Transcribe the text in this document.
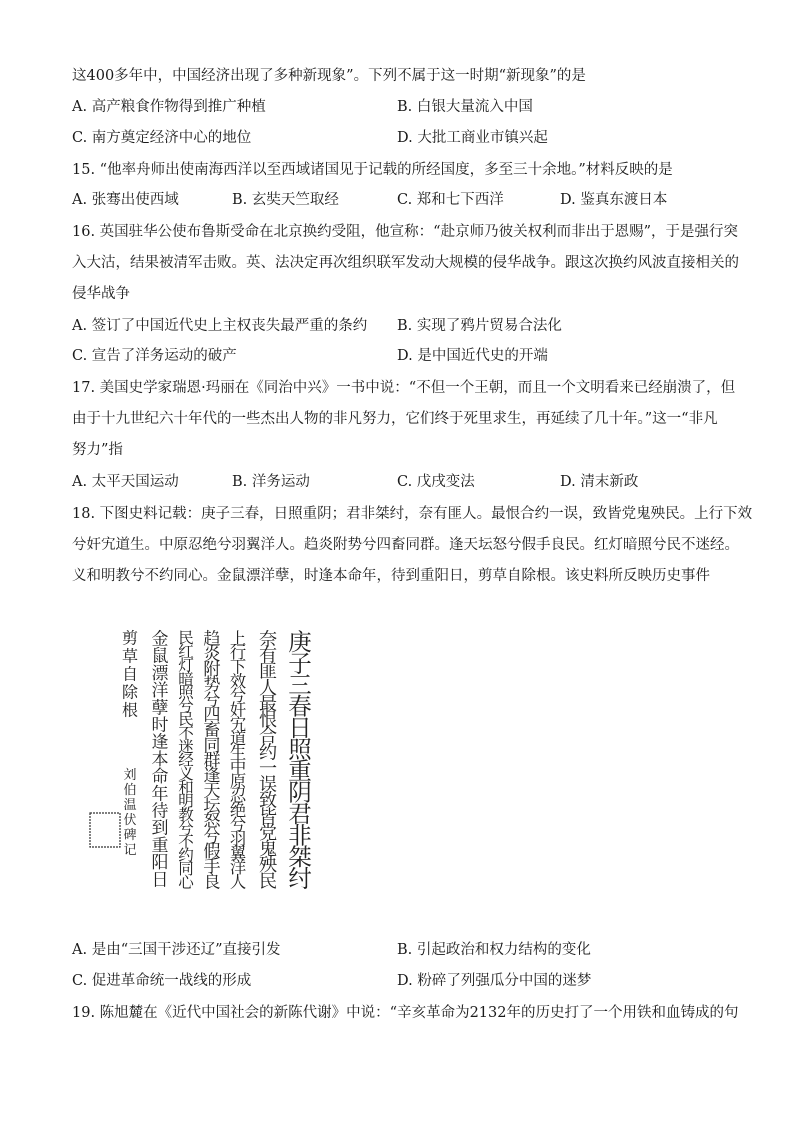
这400多年中，中国经济出现了多种新现象”。下列不属于这一时期“新现象”的是
A. 高产粮食作物得到推广种植	B. 白银大量流入中国
C. 南方奠定经济中心的地位	D. 大批工商业市镇兴起
15. “他率舟师出使南海西洋以至西域诸国见于记载的所经国度，多至三十余地。”材料反映的是
A. 张骞出使西域	B. 玄奘天竺取经	C. 郑和七下西洋	D. 鉴真东渡日本
16. 英国驻华公使布鲁斯受命在北京换约受阻，他宣称：“赴京师乃彼关权利而非出于恩赐”，于是强行突
入大沽，结果被清军击败。英、法决定再次组织联军发动大规模的侵华战争。跟这次换约风波直接相关的
侵华战争
A. 签订了中国近代史上主权丧失最严重的条约 B. 实现了鸦片贸易合法化
C. 宣告了洋务运动的破产	D. 是中国近代史的开端
17. 美国史学家瑞恩·玛丽在《同治中兴》一书中说：“不但一个王朝，而且一个文明看来已经崩溃了，但
由于十九世纪六十年代的一些杰出人物的非凡努力，它们终于死里求生，再延续了几十年。”这一“非凡
努力”指
A. 太平天国运动	B. 洋务运动	C. 戊戌变法	D. 清末新政
18. 下图史料记载：庚子三春，日照重阴；君非桀纣，奈有匪人。最恨合约一误，致皆党鬼殃民。上行下效
兮奸宄道生。中原忍绝兮羽翼洋人。趋炎附势兮四畜同群。逢天坛怒兮假手良民。红灯暗照兮民不迷经。
义和明教兮不约同心。金鼠漂洋孽，时逢本命年，待到重阳日，剪草自除根。该史料所反映历史事件
庚
子
三
春
日
照
重
阴
君
非
桀
纣
奈
有
匪
人
最
恨
合
约
一
误
致
皆
党
鬼
殃
民
上
行
下
效
兮
奸
宄
道
生
中
原
忍
绝
兮
羽
翼
洋
人
趋
炎
附
势
兮
四
畜
同
群
逢
天
坛
怒
兮
假
手
良
民
红
灯
暗
照
兮
民
不
迷
经
义
和
明
教
兮
不
约
同
心
金
鼠
漂
洋
孽
时
逢
本
命
年
待
到
重
阳
日
剪
草
自
除
根
刘
伯
温
伏
碑
记
A. 是由“三国干涉还辽”直接引发	B. 引起政治和权力结构的变化
C. 促进革命统一战线的形成	D. 粉碎了列强瓜分中国的迷梦
19. 陈旭麓在《近代中国社会的新陈代谢》中说：“辛亥革命为2132年的历史打了一个用铁和血铸成的句
